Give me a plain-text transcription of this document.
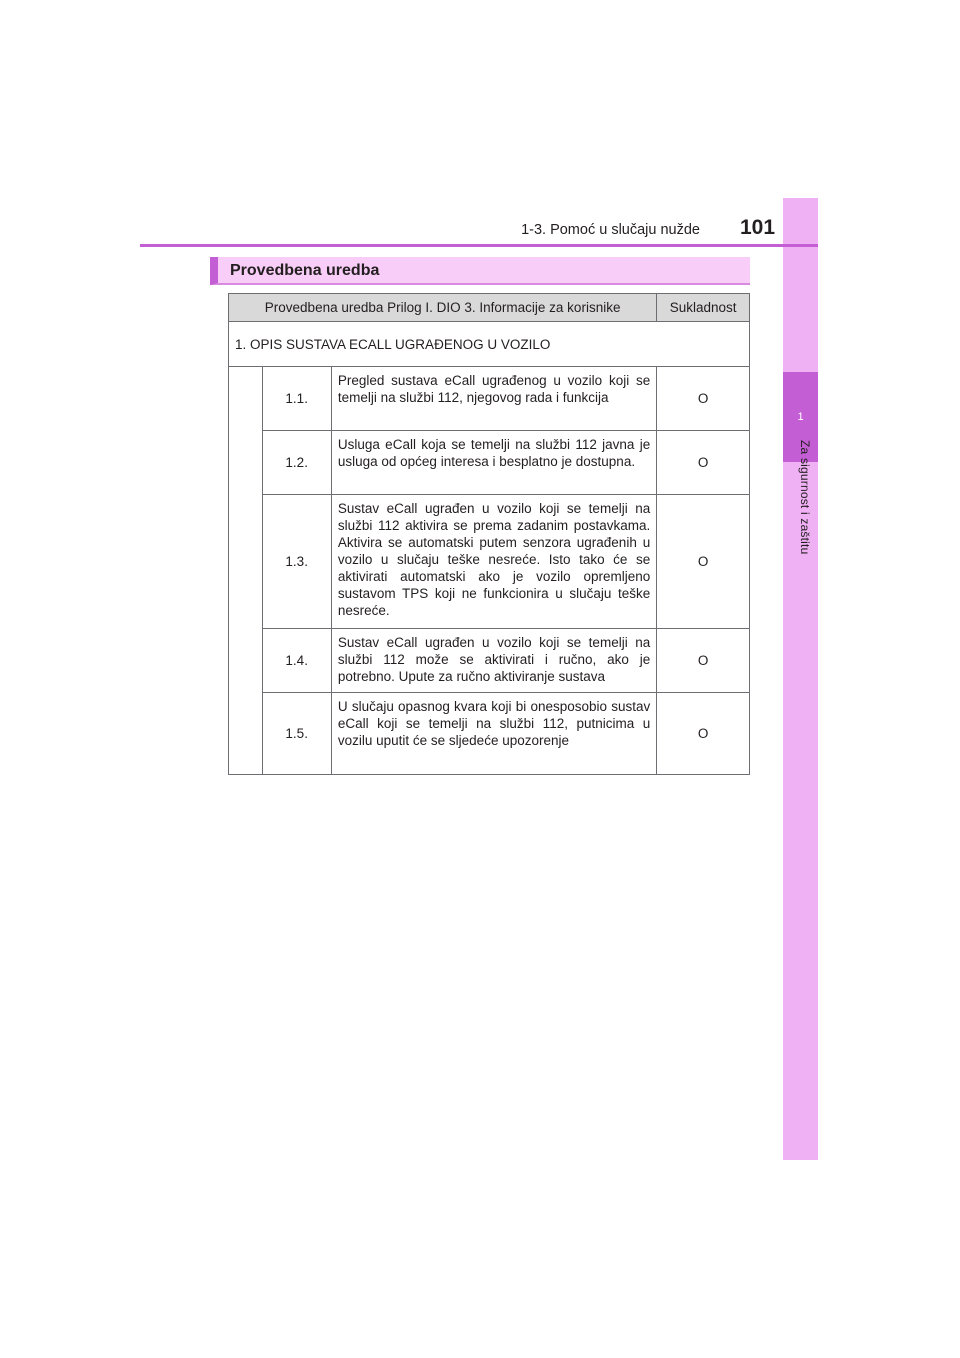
1
Za sigurnost i zaštitu
1-3. Pomoć u slučaju nužde 101
Provedbena uredba
Provedbena uredba Prilog I. DIO 3. Informacije za korisnike			Sukladnost
1. OPIS SUSTAVA ECALL UGRAĐENOG U VOZILO			
	1.1.	Pregled sustava eCall ugrađenog u vozilo koji se temelji na službi 112, njegovog rada i funkcija	O
	1.2.	Usluga eCall koja se temelji na službi 112 javna je usluga od općeg interesa i besplatno je dostupna.	O
	1.3.	Sustav eCall ugrađen u vozilo koji se temelji na službi 112 aktivira se prema zadanim postavkama. Aktivira se automatski putem senzora ugrađenih u vozilo u slučaju teške nesreće. Isto tako će se aktivirati automatski ako je vozilo opremljeno sustavom TPS koji ne funkcionira u slučaju teške nesreće.	O
	1.4.	Sustav eCall ugrađen u vozilo koji se temelji na službi 112 može se aktivirati i ručno, ako je potrebno. Upute za ručno aktiviranje sustava	O
	1.5.	U slučaju opasnog kvara koji bi onesposobio sustav eCall koji se temelji na službi 112, putnicima u vozilu uputit će se sljedeće upozorenje	O
